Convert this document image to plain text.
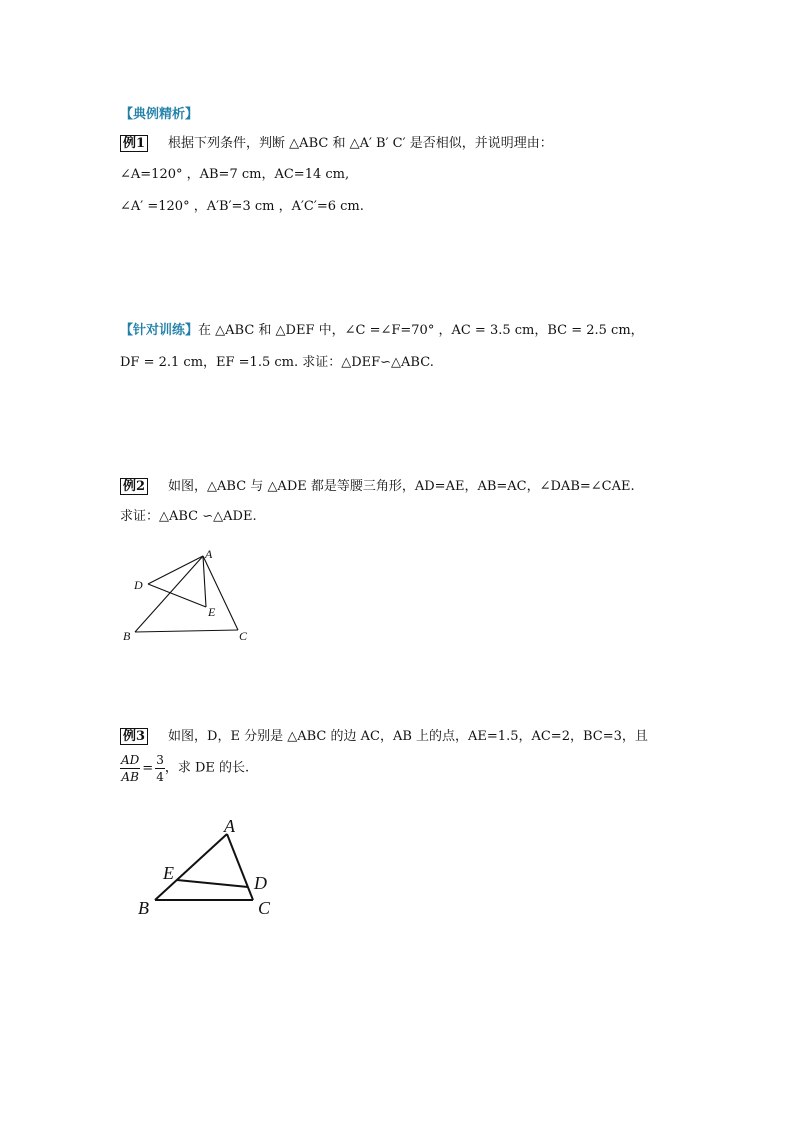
【典例精析】
例1 根据下列条件，判断 △ABC 和 △A′ B′ C′ 是否相似，并说明理由：
∠A=120° ，AB=7 cm，AC=14 cm,
∠A′ =120° ，A′B′=3 cm ，A′C′=6 cm.
【针对训练】在 △ABC 和 △DEF 中，∠C =∠F=70° ，AC = 3.5 cm，BC = 2.5 cm，
DF = 2.1 cm，EF =1.5 cm. 求证：△DEF∽△ABC.
例2 如图，△ABC 与 △ADE 都是等腰三角形，AD=AE，AB=AC，∠DAB=∠CAE.
求证：△ABC ∽△ADE.
A
D
E
B	C
例3 如图，D，E 分别是 △ABC 的边 AC，AB 上的点，AE=1.5，AC=2，BC=3，且
$\frac{AD}{AB} = \frac{3}{4}$ ，求 DE 的长.
A
E	D
B	C
